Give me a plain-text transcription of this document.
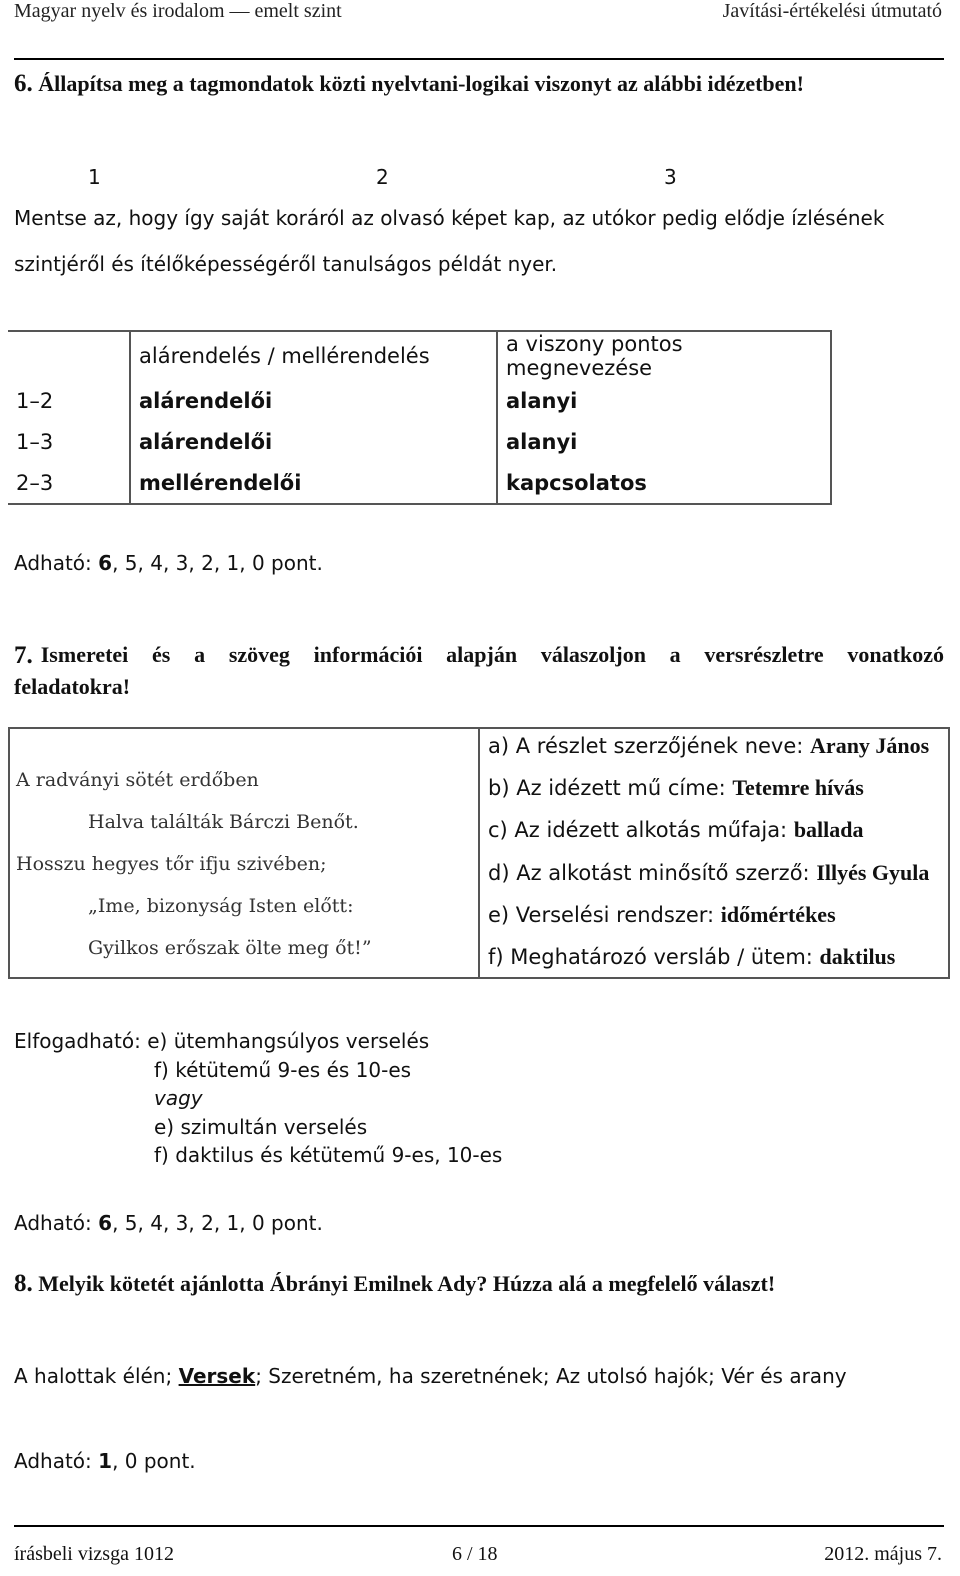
Magyar nyelv és irodalom — emelt szint	Javítási-értékelési útmutató
6. Állapítsa meg a tagmondatok közti nyelvtani-logikai viszonyt az alábbi idézetben!
1	2	3
Mentse az, hogy így saját koráról az olvasó képet kap, az utókor pedig elődje ízlésének
szintjéről és ítélőképességéről tanulságos példát nyer.
	alárendelés / mellérendelés	a viszony pontos megnevezése
1–2	alárendelői	alanyi
1–3	alárendelői	alanyi
2–3	mellérendelői	kapcsolatos
Adható: 6, 5, 4, 3, 2, 1, 0 pont.
7. Ismeretei és a szöveg információi alapján válaszoljon a versrészletre vonatkozó
feladatokra!
A radványi sötét erdőben
Halva találták Bárczi Benőt.
Hosszu hegyes tőr ifju szivében;
„Ime, bizonyság Isten előtt:
Gyilkos erőszak ölte meg őt!”
a) A részlet szerzőjének neve: Arany János
b) Az idézett mű címe: Tetemre hívás
c) Az idézett alkotás műfaja: ballada
d) Az alkotást minősítő szerző: Illyés Gyula
e) Verselési rendszer: időmértékes
f) Meghatározó versláb / ütem: daktilus
Elfogadható: e) ütemhangsúlyos verselés
f) kétütemű 9-es és 10-es
vagy
e) szimultán verselés
f) daktilus és kétütemű 9-es, 10-es
Adható: 6, 5, 4, 3, 2, 1, 0 pont.
8. Melyik kötetét ajánlotta Ábrányi Emilnek Ady? Húzza alá a megfelelő választ!
A halottak élén; Versek; Szeretném, ha szeretnének; Az utolsó hajók; Vér és arany
Adható: 1, 0 pont.
írásbeli vizsga 1012	6 / 18	2012. május 7.
